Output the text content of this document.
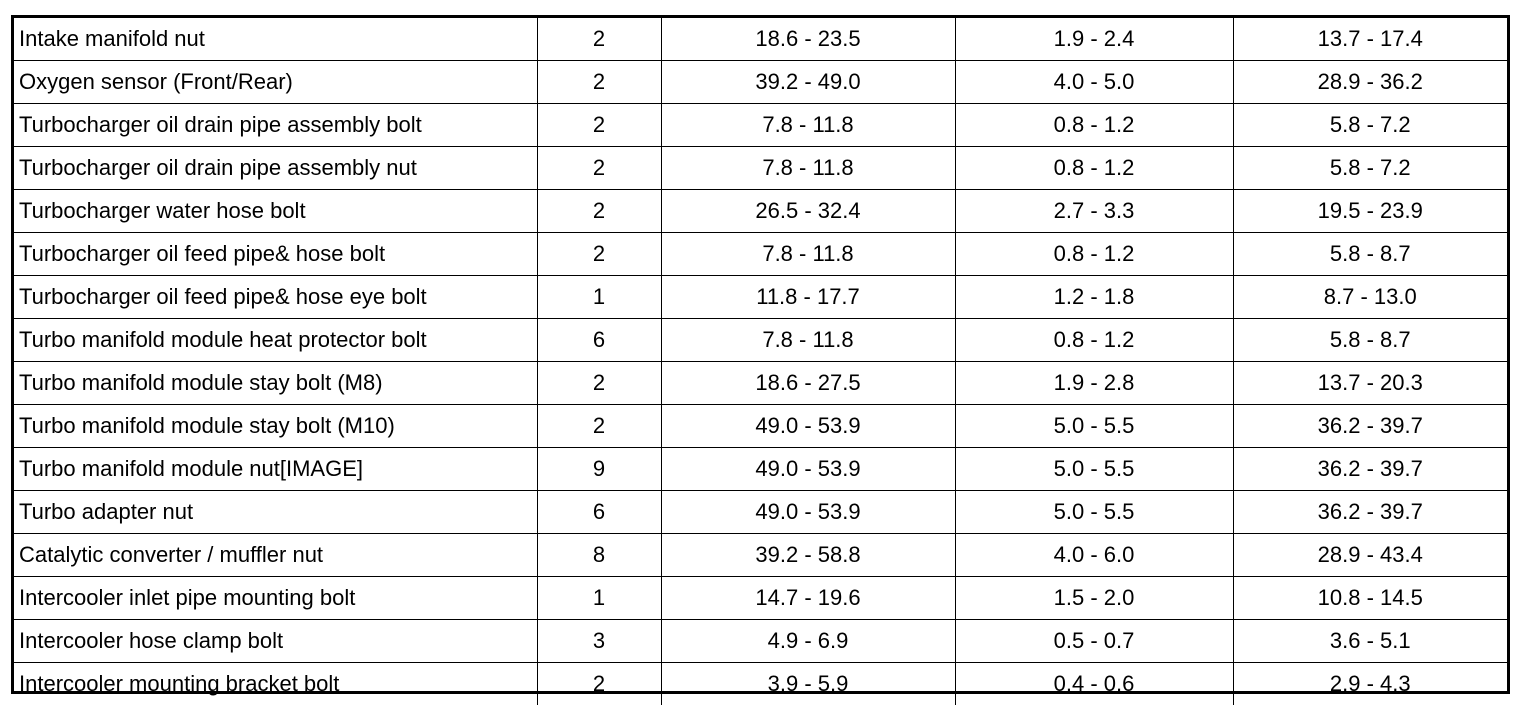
Intake manifold nut	2	18.6 - 23.5	1.9 - 2.4	13.7 - 17.4
Oxygen sensor (Front/Rear)	2	39.2 - 49.0	4.0 - 5.0	28.9 - 36.2
Turbocharger oil drain pipe assembly bolt	2	7.8 - 11.8	0.8 - 1.2	5.8 - 7.2
Turbocharger oil drain pipe assembly nut	2	7.8 - 11.8	0.8 - 1.2	5.8 - 7.2
Turbocharger water hose bolt	2	26.5 - 32.4	2.7 - 3.3	19.5 - 23.9
Turbocharger oil feed pipe& hose bolt	2	7.8 - 11.8	0.8 - 1.2	5.8 - 8.7
Turbocharger oil feed pipe& hose eye bolt	1	11.8 - 17.7	1.2 - 1.8	8.7 - 13.0
Turbo manifold module heat protector bolt	6	7.8 - 11.8	0.8 - 1.2	5.8 - 8.7
Turbo manifold module stay bolt (M8)	2	18.6 - 27.5	1.9 - 2.8	13.7 - 20.3
Turbo manifold module stay bolt (M10)	2	49.0 - 53.9	5.0 - 5.5	36.2 - 39.7
Turbo manifold module nut[IMAGE]	9	49.0 - 53.9	5.0 - 5.5	36.2 - 39.7
Turbo adapter nut	6	49.0 - 53.9	5.0 - 5.5	36.2 - 39.7
Catalytic converter / muffler nut	8	39.2 - 58.8	4.0 - 6.0	28.9 - 43.4
Intercooler inlet pipe mounting bolt	1	14.7 - 19.6	1.5 - 2.0	10.8 - 14.5
Intercooler hose clamp bolt	3	4.9 - 6.9	0.5 - 0.7	3.6 - 5.1
Intercooler mounting bracket bolt	2	3.9 - 5.9	0.4 - 0.6	2.9 - 4.3
